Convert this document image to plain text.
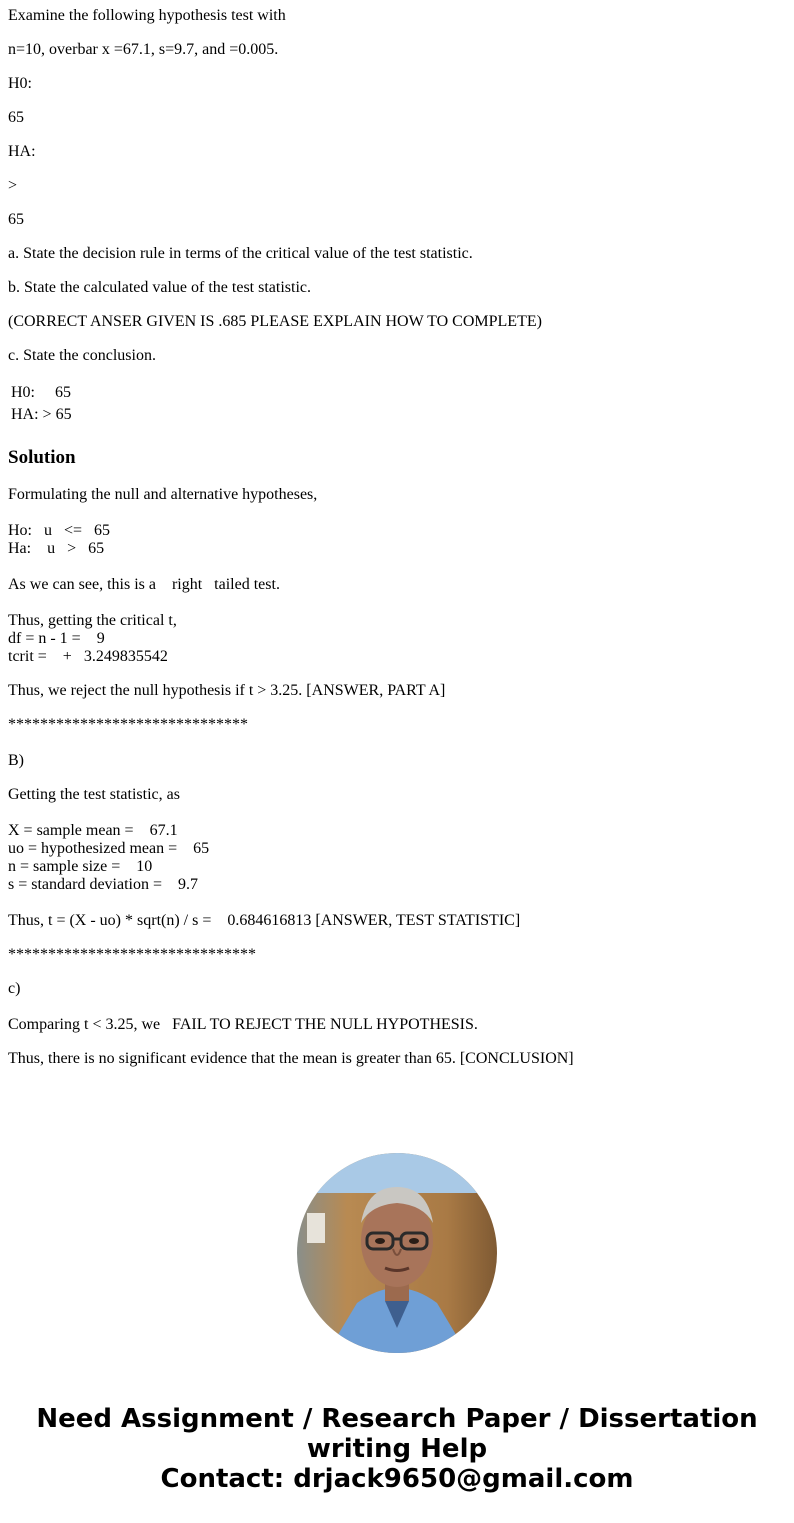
Examine the following hypothesis test with

n=10, overbar x =67.1, s=9.7, and =0.005.

H0:

65

HA:

>

65

a. State the decision rule in terms of the critical value of the test statistic.

b. State the calculated value of the test statistic.

(CORRECT ANSER GIVEN IS .685 PLEASE EXPLAIN HOW TO COMPLETE)

c. State the conclusion.

H0:     65

HA: > 65

Solution

Formulating the null and alternative hypotheses,

Ho:   u   <=   65

Ha:    u   >   65

As we can see, this is a    right   tailed test.

Thus, getting the critical t,

df = n - 1 =    9

tcrit =    +   3.249835542

Thus, we reject the null hypothesis if t > 3.25. [ANSWER, PART A]

******************************

B)

Getting the test statistic, as

X = sample mean =    67.1

uo = hypothesized mean =    65

n = sample size =    10

s = standard deviation =    9.7

Thus, t = (X - uo) * sqrt(n) / s =    0.684616813 [ANSWER, TEST STATISTIC]

*******************************

c)

Comparing t < 3.25, we   FAIL TO REJECT THE NULL HYPOTHESIS.

Thus, there is no significant evidence that the mean is greater than 65. [CONCLUSION]

Need Assignment / Research Paper / Dissertation
writing Help
Contact: drjack9650@gmail.com
